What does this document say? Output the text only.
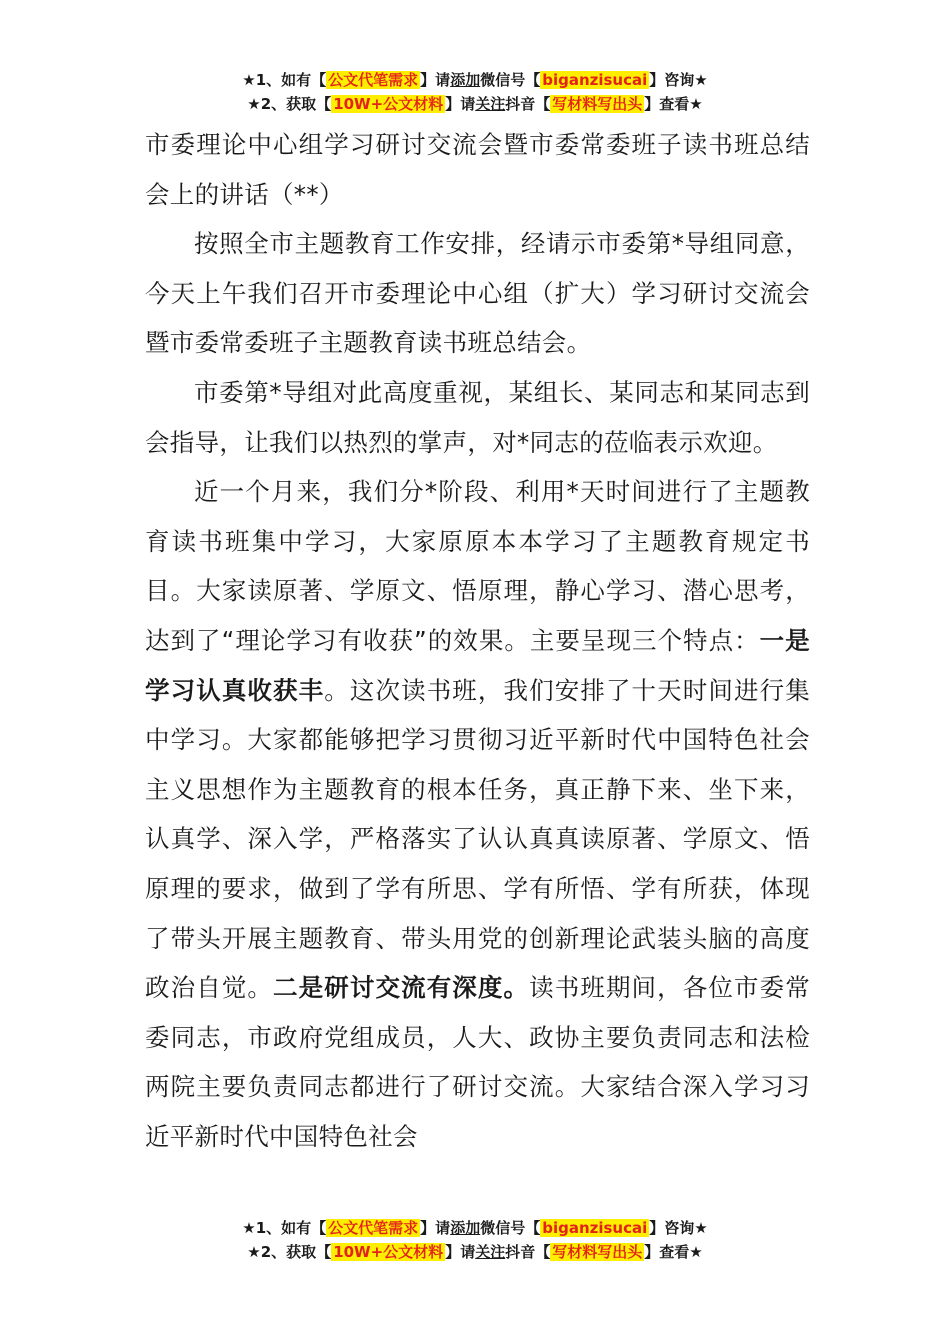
★1、如有【 公文代笔需求 】请添加微信号【 biganzisucai 】咨询★
★2、获取【 10W+公文材料 】请关注抖音【 写材料写出头 】查看★

市委理论中心组学习研讨交流会暨市委常委班子读书班总结会上的讲话（**）

按照全市主题教育工作安排，经请示市委第*导组同意，今天上午我们召开市委理论中心组（扩大）学习研讨交流会暨市委常委班子主题教育读书班总结会。

市委第*导组对此高度重视，某组长、某同志和某同志到会指导，让我们以热烈的掌声，对*同志的莅临表示欢迎。

近一个月来，我们分*阶段、利用*天时间进行了主题教育读书班集中学习，大家原原本本学习了主题教育规定书目。大家读原著、学原文、悟原理，静心学习、潜心思考，达到了“理论学习有收获”的效果。主要呈现三个特点：一是学习认真收获丰。这次读书班，我们安排了十天时间进行集中学习。大家都能够把学习贯彻习近平新时代中国特色社会主义思想作为主题教育的根本任务，真正静下来、坐下来，认真学、深入学，严格落实了认认真真读原著、学原文、悟原理的要求，做到了学有所思、学有所悟、学有所获，体现了带头开展主题教育、带头用党的创新理论武装头脑的高度政治自觉。二是研讨交流有深度。读书班期间，各位市委常委同志，市政府党组成员，人大、政协主要负责同志和法检两院主要负责同志都进行了研讨交流。大家结合深入学习习近平新时代中国特色社会

★1、如有【 公文代笔需求 】请添加微信号【 biganzisucai 】咨询★
★2、获取【 10W+公文材料 】请关注抖音【 写材料写出头 】查看★
